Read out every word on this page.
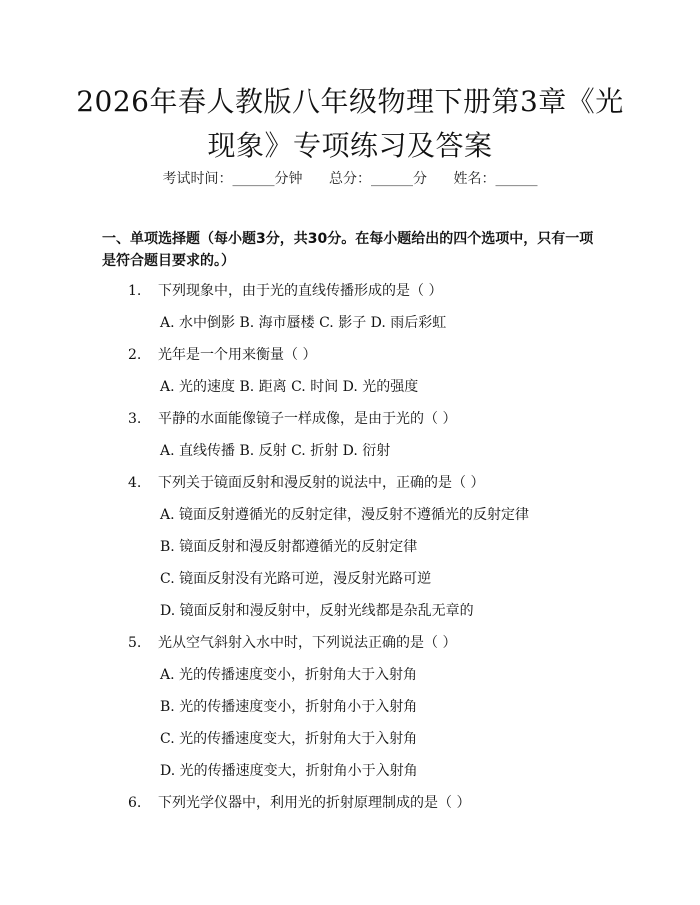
2026年春人教版八年级物理下册第3章《光
现象》专项练习及答案
考试时间：______分钟 总分：______分 姓名：______
一、单项选择题（每小题3分，共30分。在每小题给出的四个选项中，只有一项
是符合题目要求的。）
1. 下列现象中，由于光的直线传播形成的是（ ）
A. 水中倒影 B. 海市蜃楼 C. 影子 D. 雨后彩虹
2. 光年是一个用来衡量（ ）
A. 光的速度 B. 距离 C. 时间 D. 光的强度
3. 平静的水面能像镜子一样成像，是由于光的（ ）
A. 直线传播 B. 反射 C. 折射 D. 衍射
4. 下列关于镜面反射和漫反射的说法中，正确的是（ ）
A. 镜面反射遵循光的反射定律，漫反射不遵循光的反射定律
B. 镜面反射和漫反射都遵循光的反射定律
C. 镜面反射没有光路可逆，漫反射光路可逆
D. 镜面反射和漫反射中，反射光线都是杂乱无章的
5. 光从空气斜射入水中时，下列说法正确的是（ ）
A. 光的传播速度变小，折射角大于入射角
B. 光的传播速度变小，折射角小于入射角
C. 光的传播速度变大，折射角大于入射角
D. 光的传播速度变大，折射角小于入射角
6. 下列光学仪器中，利用光的折射原理制成的是（ ）
